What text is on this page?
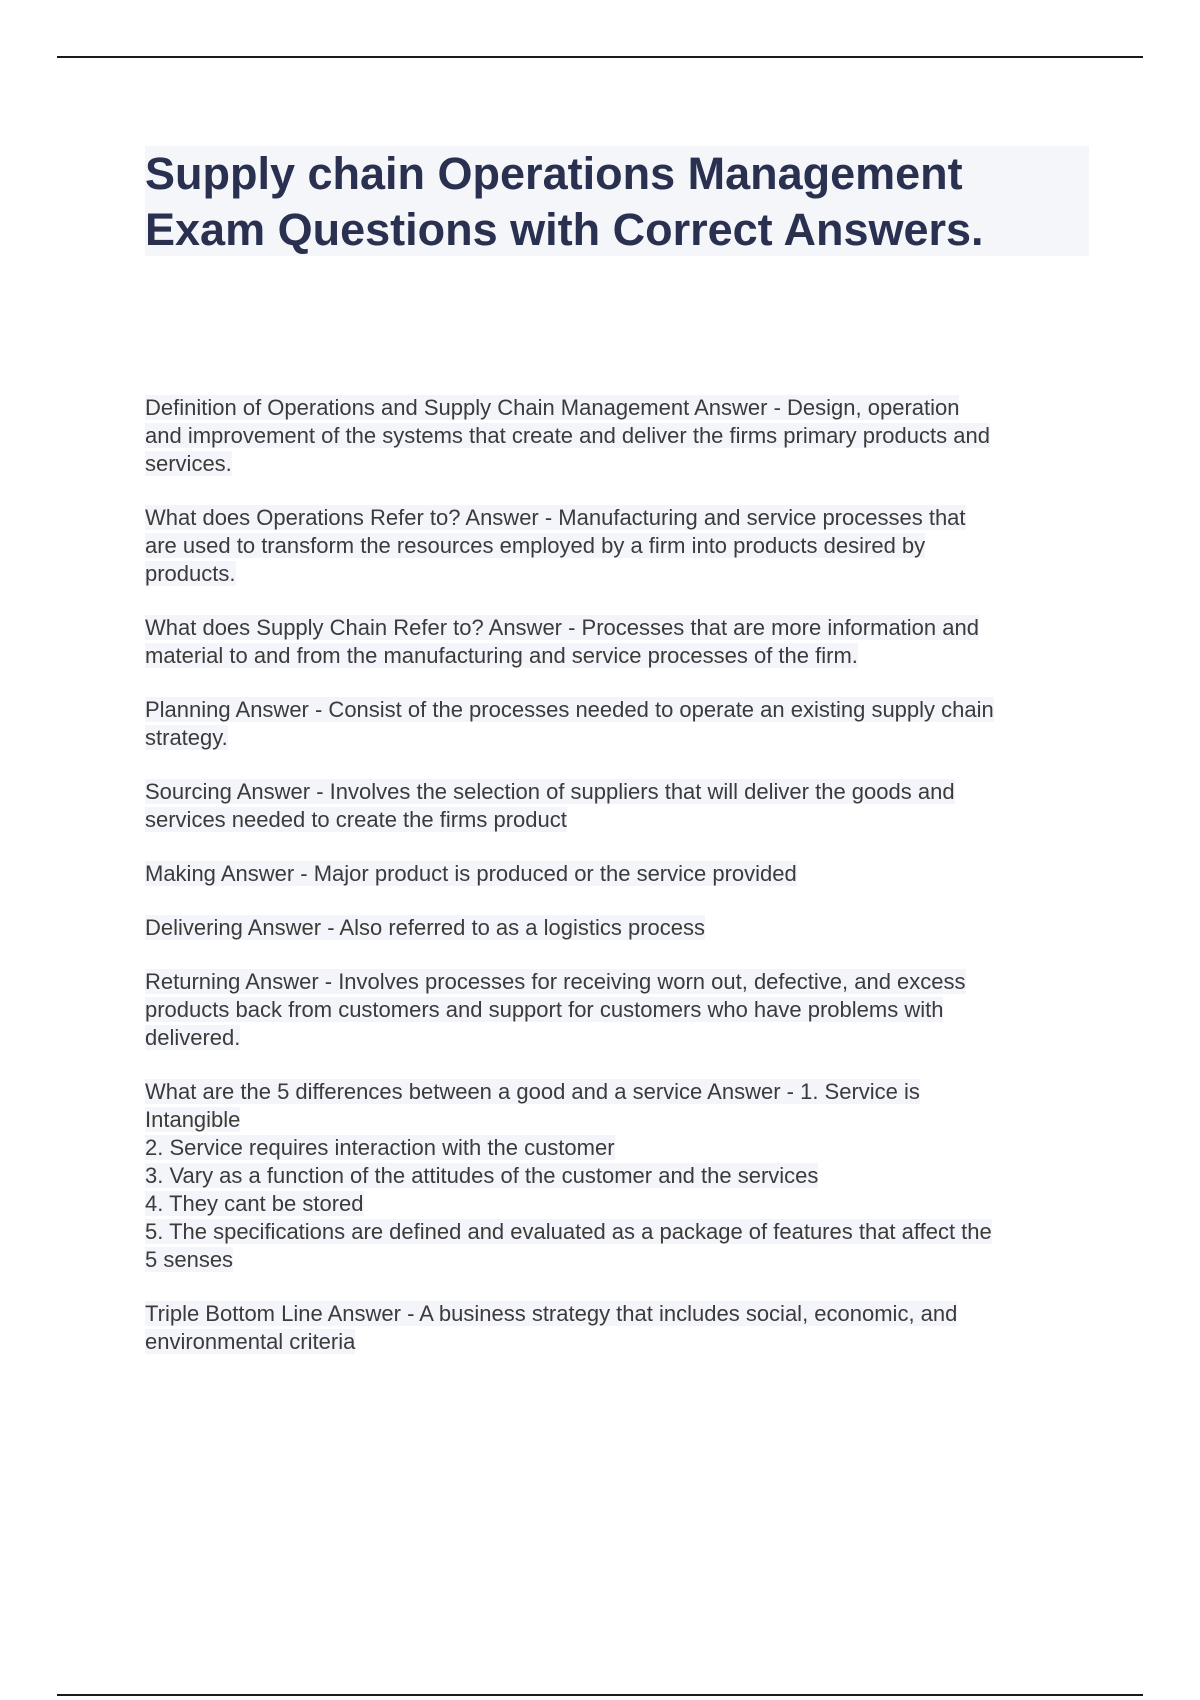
Supply chain Operations Management
Exam Questions with Correct Answers.

Definition of Operations and Supply Chain Management Answer - Design, operation
and improvement of the systems that create and deliver the firms primary products and
services.

What does Operations Refer to? Answer - Manufacturing and service processes that
are used to transform the resources employed by a firm into products desired by
products.

What does Supply Chain Refer to? Answer - Processes that are more information and
material to and from the manufacturing and service processes of the firm.

Planning Answer - Consist of the processes needed to operate an existing supply chain
strategy.

Sourcing Answer - Involves the selection of suppliers that will deliver the goods and
services needed to create the firms product

Making Answer - Major product is produced or the service provided

Delivering Answer - Also referred to as a logistics process

Returning Answer - Involves processes for receiving worn out, defective, and excess
products back from customers and support for customers who have problems with
delivered.

What are the 5 differences between a good and a service Answer - 1. Service is
Intangible
2. Service requires interaction with the customer
3. Vary as a function of the attitudes of the customer and the services
4. They cant be stored
5. The specifications are defined and evaluated as a package of features that affect the
5 senses

Triple Bottom Line Answer - A business strategy that includes social, economic, and
environmental criteria
